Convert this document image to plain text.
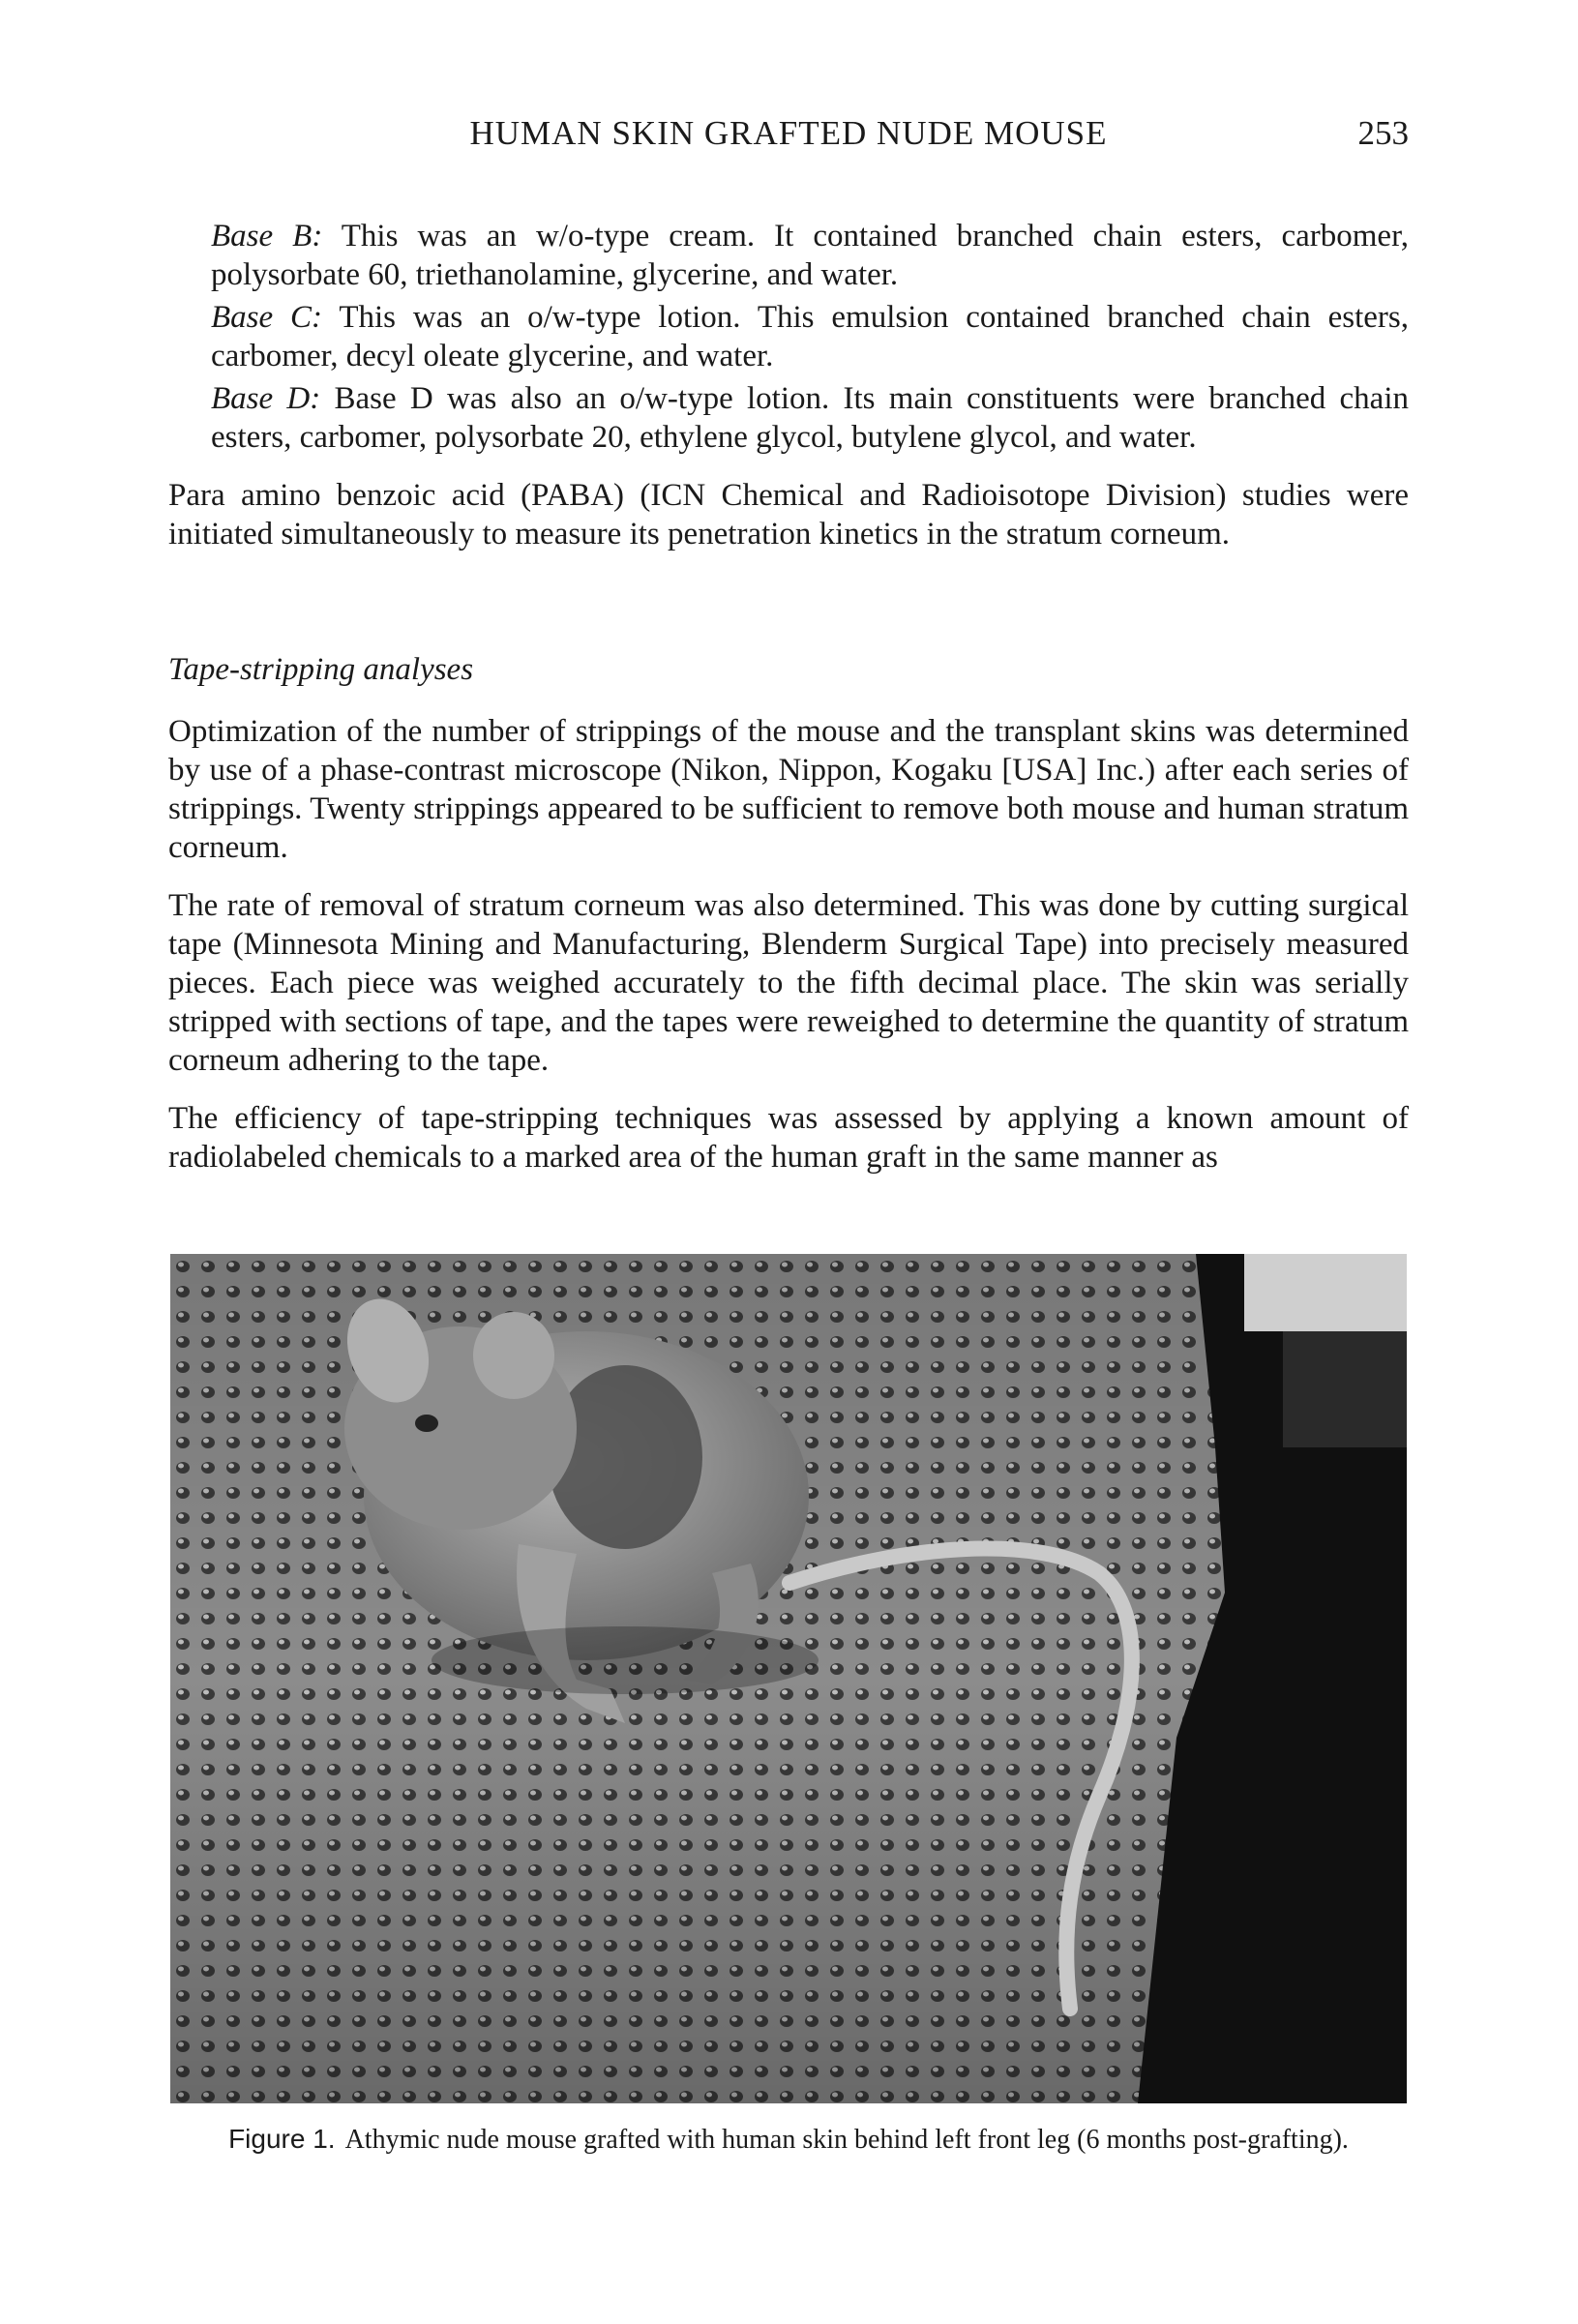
HUMAN SKIN GRAFTED NUDE MOUSE	253

Base B: This was an w/o-type cream. It contained branched chain esters, carbomer, polysorbate 60, triethanolamine, glycerine, and water.

Base C: This was an o/w-type lotion. This emulsion contained branched chain esters, carbomer, decyl oleate glycerine, and water.

Base D: Base D was also an o/w-type lotion. Its main constituents were branched chain esters, carbomer, polysorbate 20, ethylene glycol, butylene glycol, and water.

Para amino benzoic acid (PABA) (ICN Chemical and Radioisotope Division) studies were initiated simultaneously to measure its penetration kinetics in the stratum corneum.

Tape-stripping analyses

Optimization of the number of strippings of the mouse and the transplant skins was determined by use of a phase-contrast microscope (Nikon, Nippon, Kogaku [USA] Inc.) after each series of strippings. Twenty strippings appeared to be sufficient to remove both mouse and human stratum corneum.

The rate of removal of stratum corneum was also determined. This was done by cutting surgical tape (Minnesota Mining and Manufacturing, Blenderm Surgical Tape) into precisely measured pieces. Each piece was weighed accurately to the fifth decimal place. The skin was serially stripped with sections of tape, and the tapes were reweighed to determine the quantity of stratum corneum adhering to the tape.

The efficiency of tape-stripping techniques was assessed by applying a known amount of radiolabeled chemicals to a marked area of the human graft in the same manner as

Figure 1. Athymic nude mouse grafted with human skin behind left front leg (6 months post-grafting).
